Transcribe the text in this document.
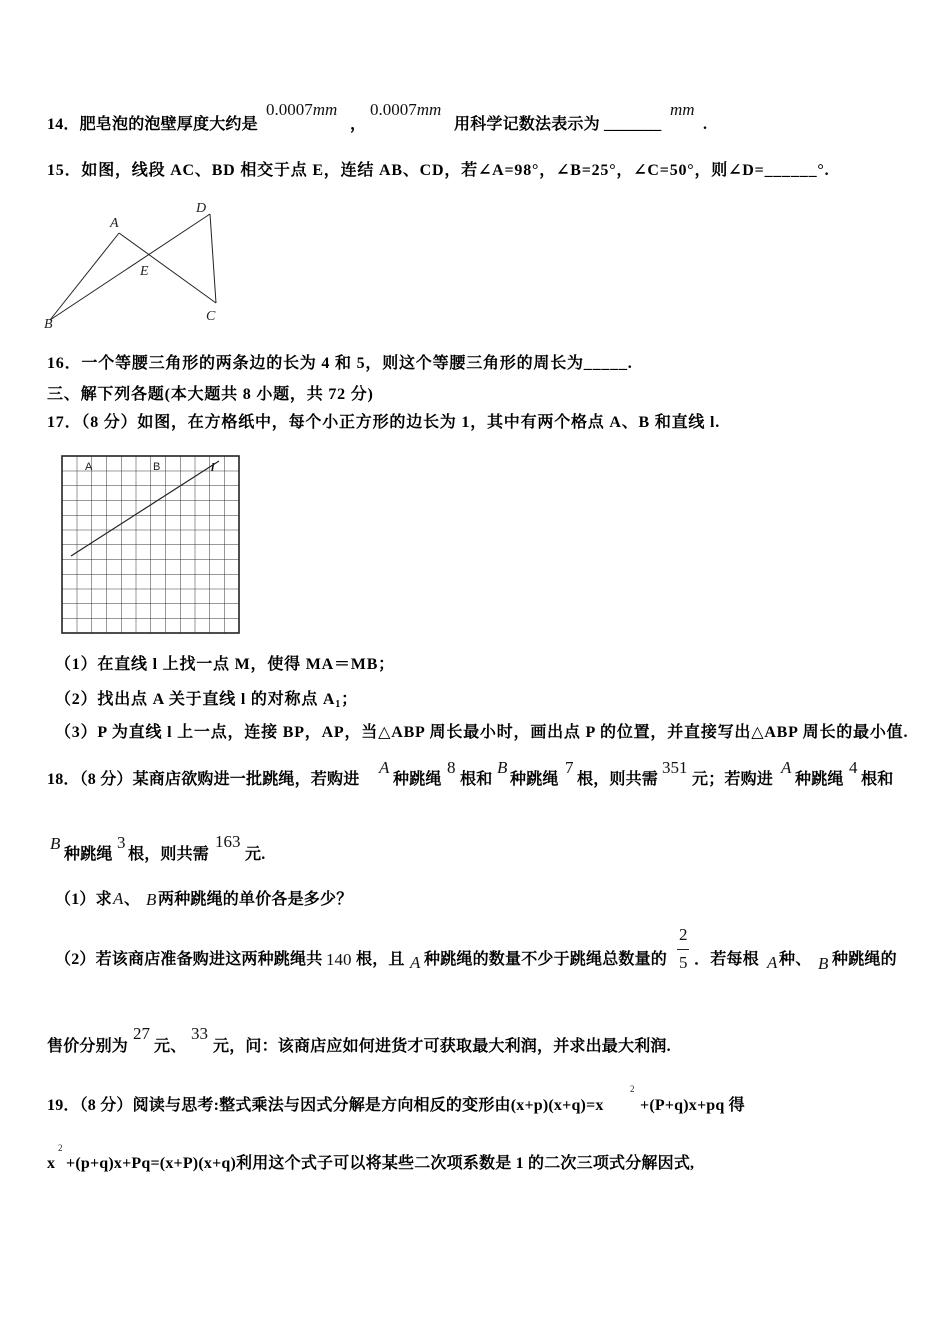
14．肥皂泡的泡壁厚度大约是
0.0007mm
，
0.0007mm
用科学记数法表示为 _______
mm
.
15．如图，线段 AC、BD 相交于点 E，连结 AB、CD，若∠A=98°，∠B=25°，∠C=50°，则∠D=______°.
A
D
E
B
C
16．一个等腰三角形的两条边的长为 4 和 5，则这个等腰三角形的周长为_____.
三、解下列各题(本大题共 8 小题，共 72 分)
17．（8 分）如图，在方格纸中，每个小正方形的边长为 1，其中有两个格点 A、B 和直线 l.
A	B	l
（1）在直线 l 上找一点 M，使得 MA＝MB；
（2）找出点 A 关于直线 l 的对称点 $A_1$；
（3）P 为直线 l 上一点，连接 BP，AP，当△ABP 周长最小时，画出点 P 的位置，并直接写出△ABP 周长的最小值.
18．（8 分）某商店欲购进一批跳绳，若购进
A
种跳绳
8
根和
B
种跳绳
7
根，则共需
351
元；若购进
A
种跳绳
4
根和
B
种跳绳
3
根，则共需
163
元.
（1）求 A 、 B 两种跳绳的单价各是多少？
（2）若该商店准备购进这两种跳绳共 140 根，且 A 种跳绳的数量不少于跳绳总数量的
2
5 ．若每根 A 种、 B 种跳绳的
售价分别为
27
元、
33
元，问：该商店应如何进货才可获取最大利润，并求出最大利润.
19．（8 分）阅读与思考:整式乘法与因式分解是方向相反的变形由(x+p)(x+q)=x
2
+(P+q)x+pq 得
x
2
+(p+q)x+Pq=(x+P)(x+q)利用这个式子可以将某些二次项系数是 1 的二次三项式分解因式,
